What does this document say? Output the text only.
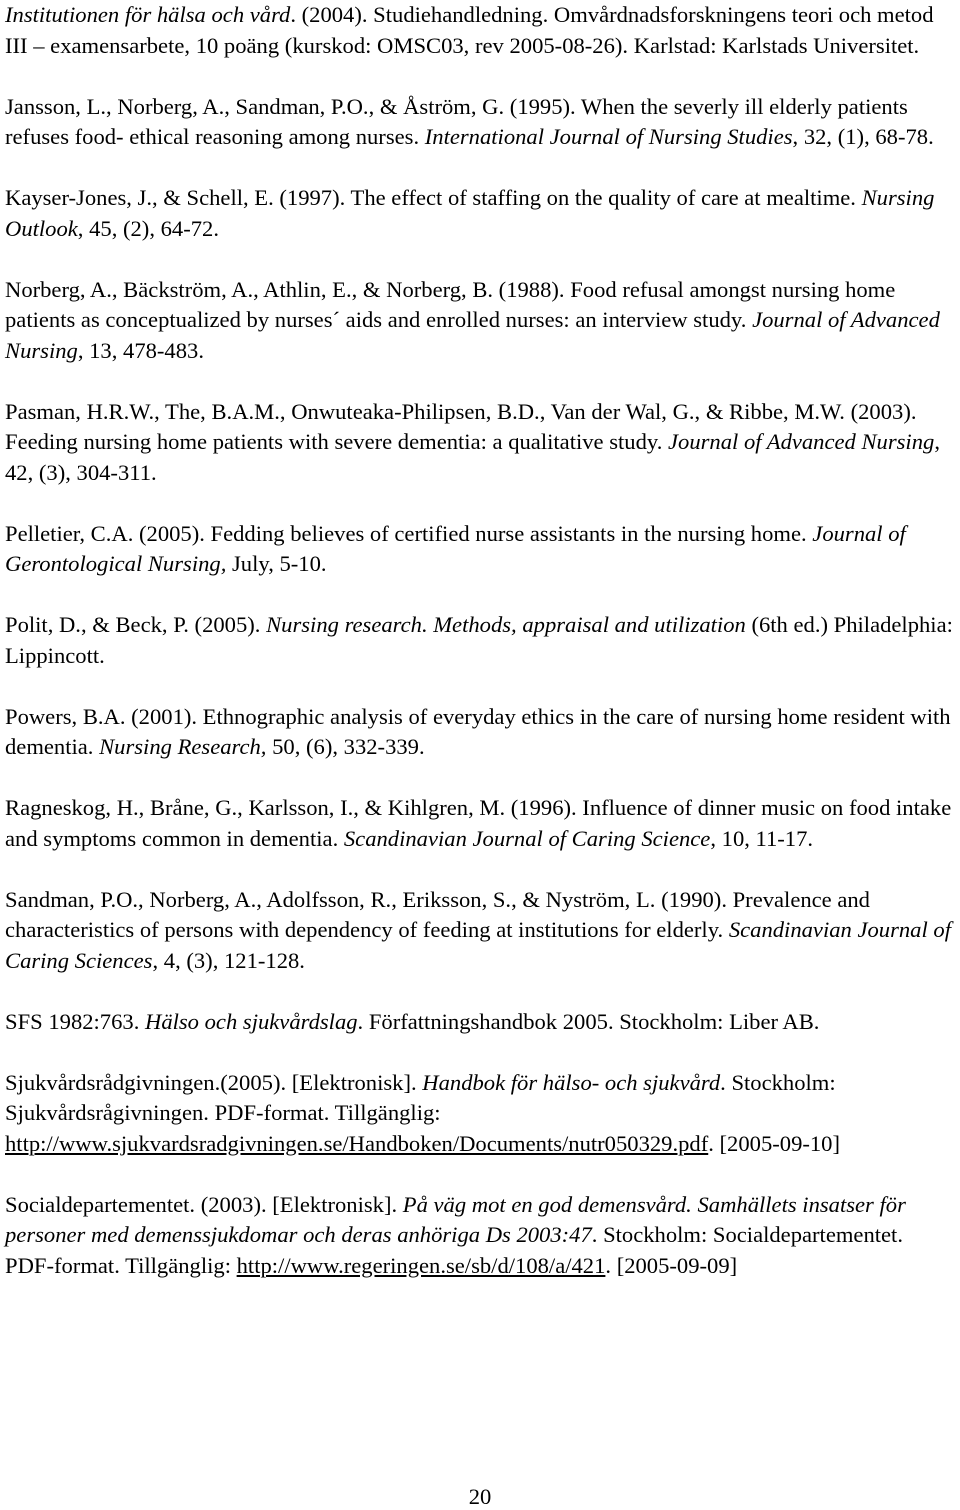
Institutionen för hälsa och vård. (2004). Studiehandledning. Omvårdnadsforskningens teori och metod III – examensarbete, 10 poäng (kurskod: OMSC03, rev 2005-08-26). Karlstad: Karlstads Universitet.

Jansson, L., Norberg, A., Sandman, P.O., & Åström, G. (1995). When the severly ill elderly patients refuses food- ethical reasoning among nurses. International Journal of Nursing Studies, 32, (1), 68-78.

Kayser-Jones, J., & Schell, E. (1997). The effect of staffing on the quality of care at mealtime. Nursing Outlook, 45, (2), 64-72.

Norberg, A., Bäckström, A., Athlin, E., & Norberg, B. (1988). Food refusal amongst nursing home patients as conceptualized by nurses´ aids and enrolled nurses: an interview study. Journal of Advanced Nursing, 13, 478-483.

Pasman, H.R.W., The, B.A.M., Onwuteaka-Philipsen, B.D., Van der Wal, G., & Ribbe, M.W. (2003). Feeding nursing home patients with severe dementia: a qualitative study. Journal of Advanced Nursing, 42, (3), 304-311.

Pelletier, C.A. (2005). Fedding believes of certified nurse assistants in the nursing home. Journal of Gerontological Nursing, July, 5-10.

Polit, D., & Beck, P. (2005). Nursing research. Methods, appraisal and utilization (6th ed.) Philadelphia: Lippincott.

Powers, B.A. (2001). Ethnographic analysis of everyday ethics in the care of nursing home resident with dementia. Nursing Research, 50, (6), 332-339.

Ragneskog, H., Bråne, G., Karlsson, I., & Kihlgren, M. (1996). Influence of dinner music on food intake and symptoms common in dementia. Scandinavian Journal of Caring Science, 10, 11-17.

Sandman, P.O., Norberg, A., Adolfsson, R., Eriksson, S., & Nyström, L. (1990). Prevalence and characteristics of persons with dependency of feeding at institutions for elderly. Scandinavian Journal of Caring Sciences, 4, (3), 121-128.

SFS 1982:763. Hälso och sjukvårdslag. Författningshandbok 2005. Stockholm: Liber AB.

Sjukvårdsrådgivningen.(2005). [Elektronisk]. Handbok för hälso- och sjukvård. Stockholm: Sjukvårdsrågivningen. PDF-format. Tillgänglig: http://www.sjukvardsradgivningen.se/Handboken/Documents/nutr050329.pdf. [2005-09-10]

Socialdepartementet. (2003). [Elektronisk]. På väg mot en god demensvård. Samhällets insatser för personer med demenssjukdomar och deras anhöriga Ds 2003:47. Stockholm: Socialdepartementet. PDF-format. Tillgänglig: http://www.regeringen.se/sb/d/108/a/421. [2005-09-09]

20
